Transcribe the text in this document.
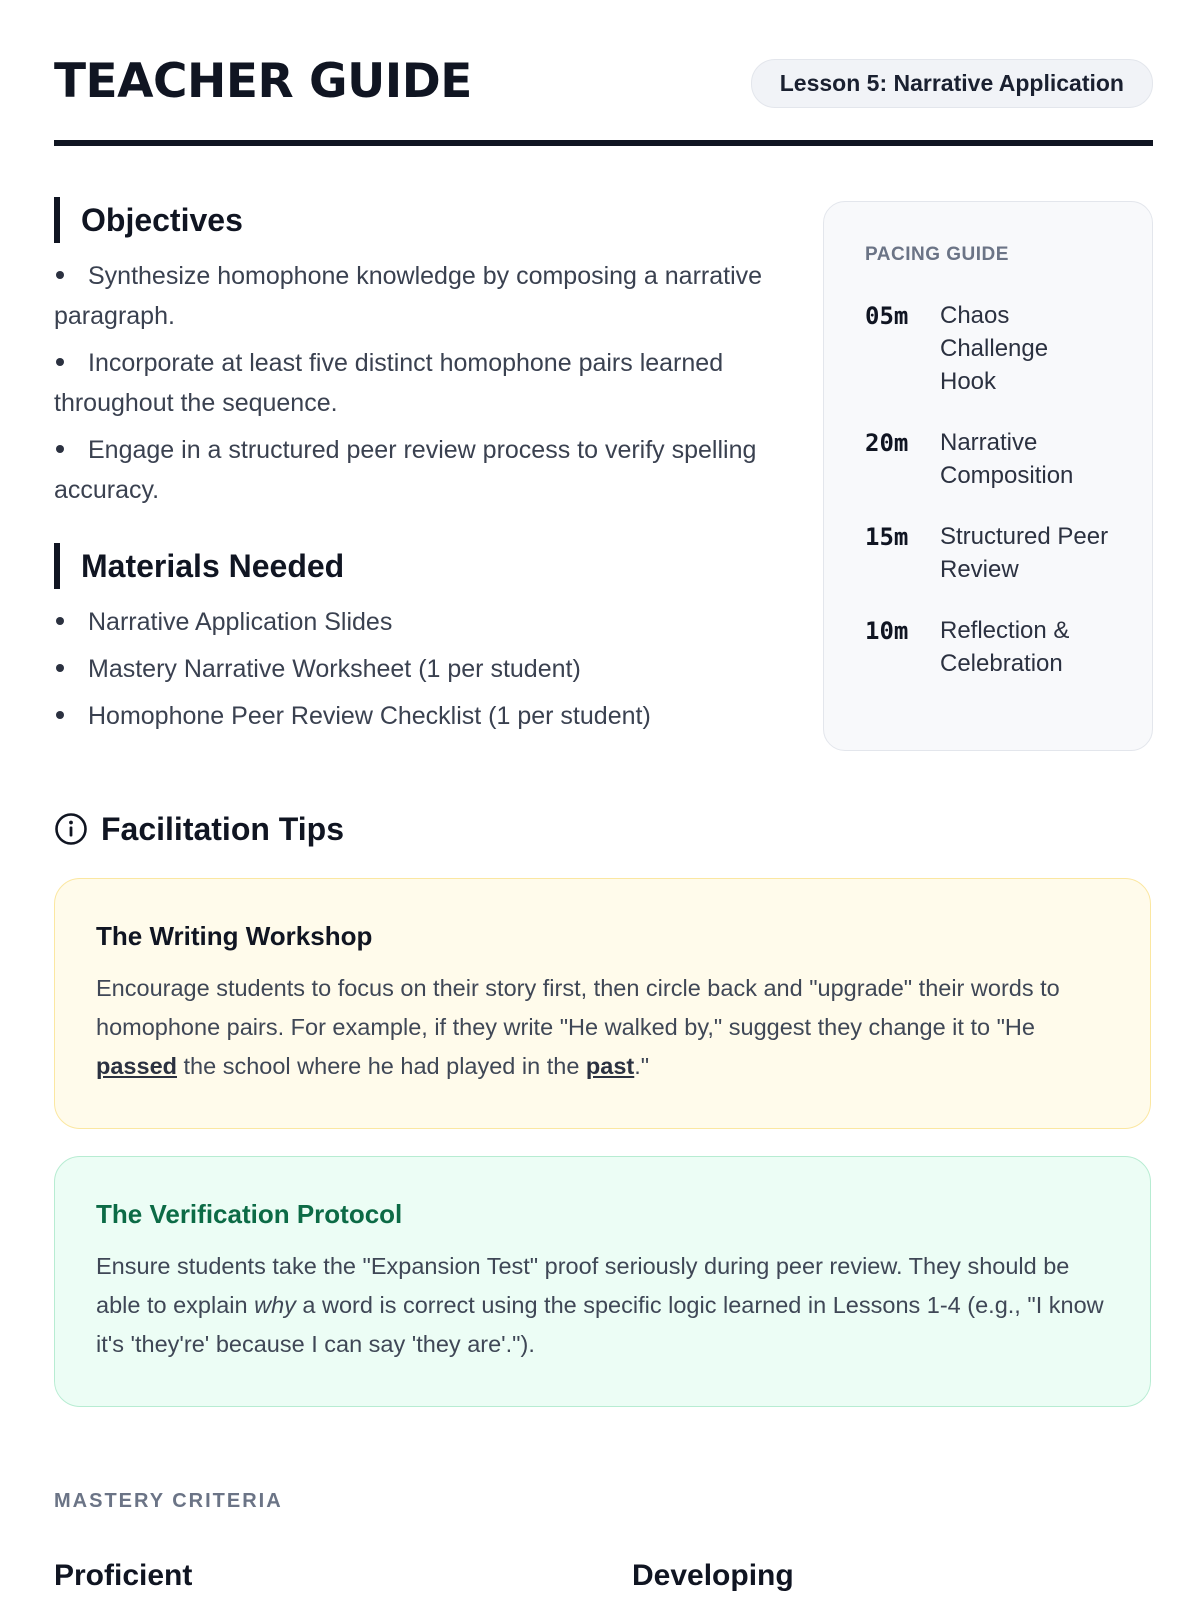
TEACHER GUIDE	Lesson 5: Narrative Application
Objectives
Synthesize homophone knowledge by composing a narrative paragraph.
Incorporate at least five distinct homophone pairs learned throughout the sequence.
Engage in a structured peer review process to verify spelling accuracy.
Materials Needed
Narrative Application Slides
Mastery Narrative Worksheet (1 per student)
Homophone Peer Review Checklist (1 per student)
PACING GUIDE
05m Chaos Challenge Hook
20m Narrative Composition
15m Structured Peer Review
10m Reflection & Celebration
Facilitation Tips
The Writing Workshop

Encourage students to focus on their story first, then circle back and "upgrade" their words to homophone pairs. For example, if they write "He walked by," suggest they change it to "He passed the school where he had played in the past."

The Verification Protocol

Ensure students take the "Expansion Test" proof seriously during peer review. They should be able to explain why a word is correct using the specific logic learned in Lessons 1-4 (e.g., "I know it's 'they're' because I can say 'they are'.").

MASTERY CRITERIA
Proficient	Developing
